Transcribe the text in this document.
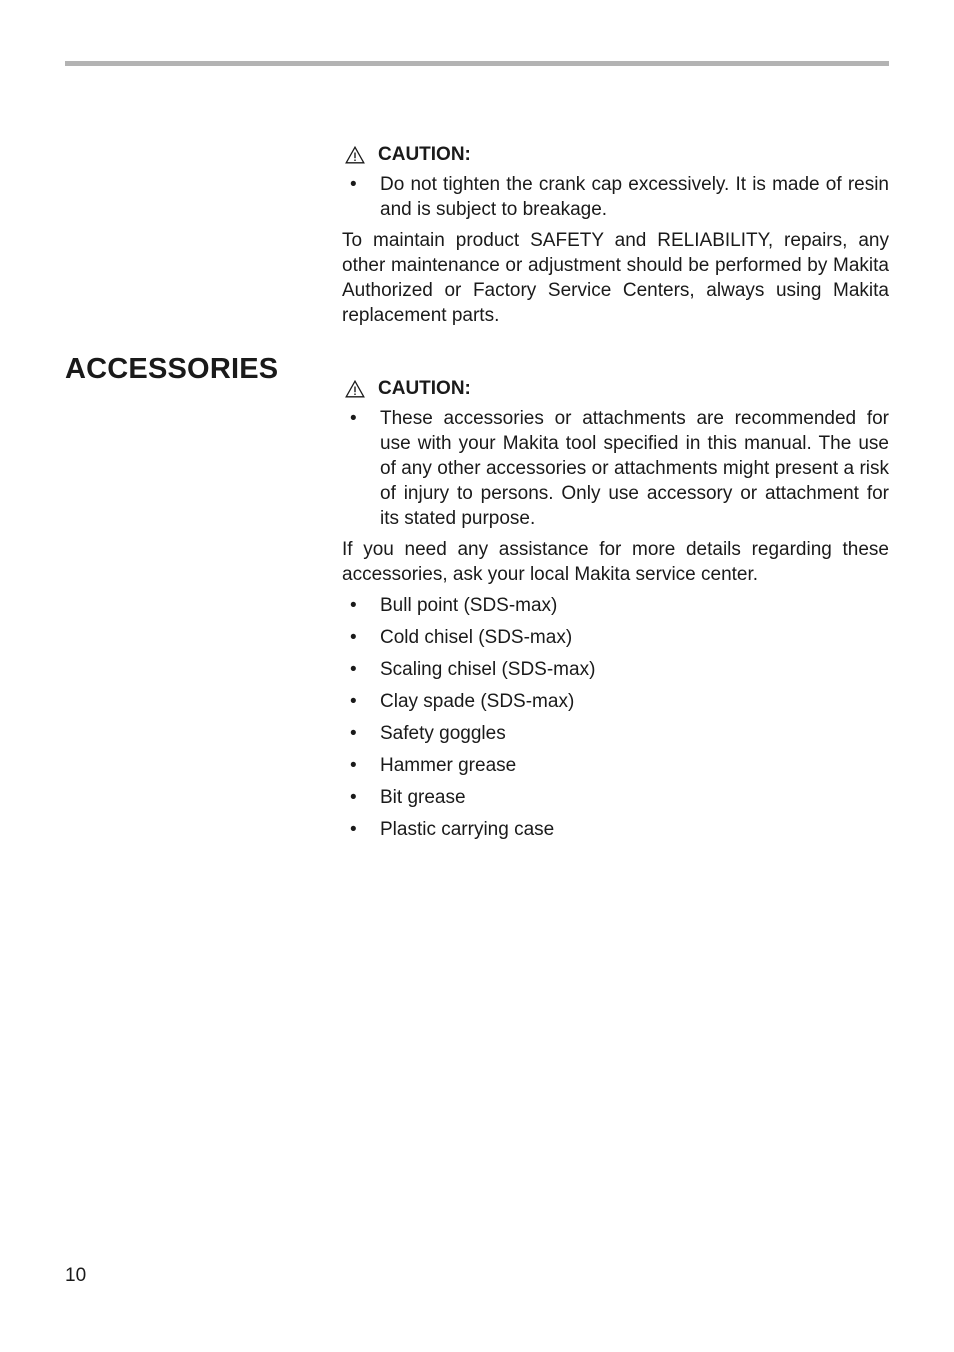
ACCESSORIES
CAUTION:
• Do not tighten the crank cap excessively. It is made of resin and is subject to breakage.

To maintain product SAFETY and RELIABILITY, repairs, any other maintenance or adjustment should be performed by Makita Authorized or Factory Service Centers, always using Makita replacement parts.

CAUTION:
• These accessories or attachments are recommended for use with your Makita tool specified in this manual. The use of any other accessories or attachments might present a risk of injury to persons. Only use accessory or attachment for its stated purpose.

If you need any assistance for more details regarding these accessories, ask your local Makita service center.

• Bull point (SDS-max)
• Cold chisel (SDS-max)
• Scaling chisel (SDS-max)
• Clay spade (SDS-max)
• Safety goggles
• Hammer grease
• Bit grease
• Plastic carrying case
10
